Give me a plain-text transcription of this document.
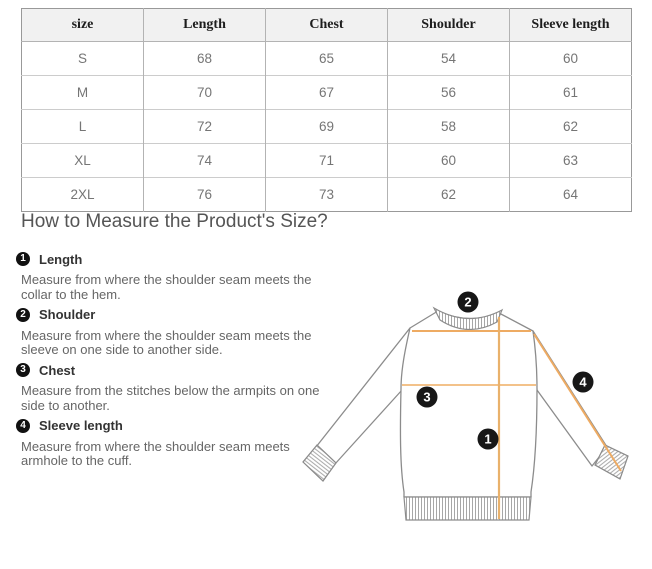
size	Length	Chest	Shoulder	Sleeve length
S	68	65	54	60
M	70	67	56	61
L	72	69	58	62
XL	74	71	60	63
2XL	76	73	62	64
How to Measure the Product's Size?
1	Length

Measure from where the shoulder seam meets the collar to the hem.

2	Shoulder

Measure from where the shoulder seam meets the sleeve on one side to another side.

3	Chest

Measure from the stitches below the armpits on one side to another.

4	Sleeve length

Measure from where the shoulder seam meets armhole to the cuff.

1
2
3
4
